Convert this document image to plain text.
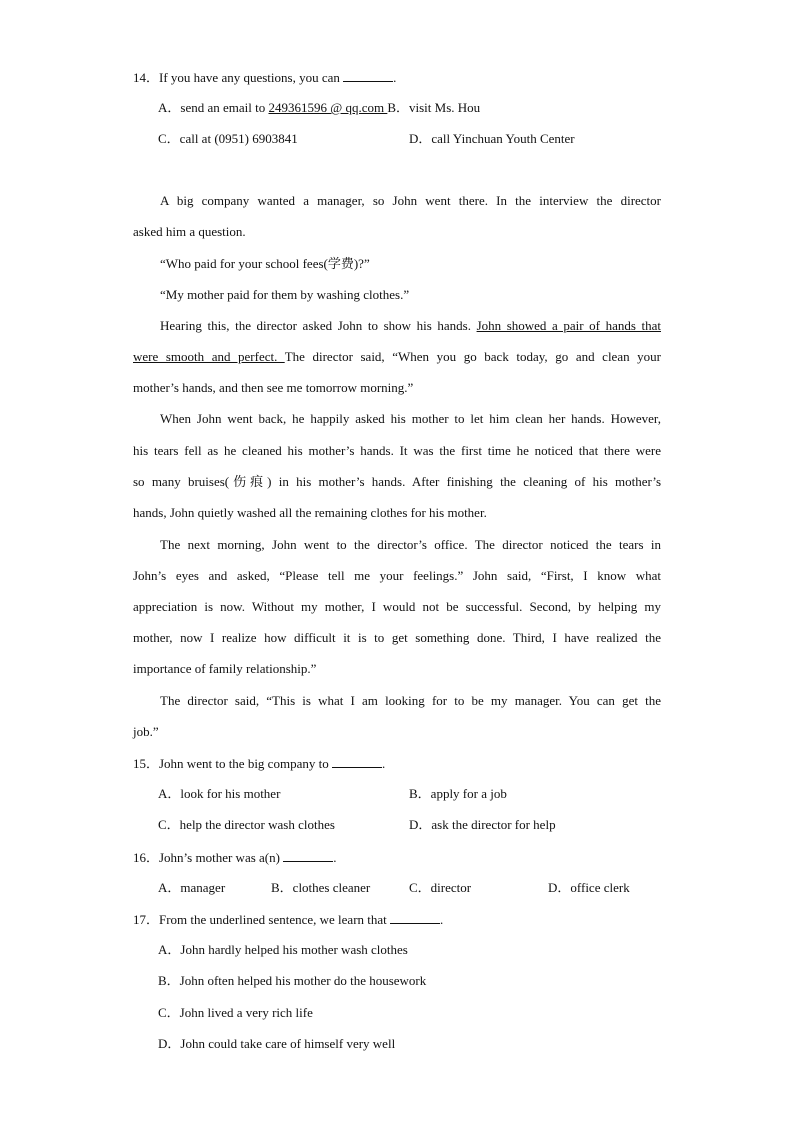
14．If you have any questions, you can	.
A．send an email to 249361596 @ qq.com B．visit Ms. Hou
C．call at (0951) 6903841	D．call Yinchuan Youth Center
A big company wanted a manager, so John went there. In the interview the director
asked him a question.
“Who paid for your school fees(学费)?”
“My mother paid for them by washing clothes.”
Hearing this, the director asked John to show his hands. John showed a pair of hands that
were smooth and perfect. The director said, “When you go back today, go and clean your
mother’s hands, and then see me tomorrow morning.”
When John went back, he happily asked his mother to let him clean her hands. However,
his tears fell as he cleaned his mother’s hands. It was the first time he noticed that there were
so many bruises(伤痕) in his mother’s hands. After finishing the cleaning of his mother’s
hands, John quietly washed all the remaining clothes for his mother.
The next morning, John went to the director’s office. The director noticed the tears in
John’s eyes and asked, “Please tell me your feelings.” John said, “First, I know what
appreciation is now. Without my mother, I would not be successful. Second, by helping my
mother, now I realize how difficult it is to get something done. Third, I have realized the
importance of family relationship.”
The director said, “This is what I am looking for to be my manager. You can get the
job.”
15．John went to the big company to	.
A．look for his mother	B．apply for a job
C．help the director wash clothes	D．ask the director for help
16．John’s mother was a(n)	.
A．manager	B．clothes cleaner	C．director	D．office clerk
17．From the underlined sentence, we learn that	.
A．John hardly helped his mother wash clothes
B．John often helped his mother do the housework
C．John lived a very rich life
D．John could take care of himself very well
